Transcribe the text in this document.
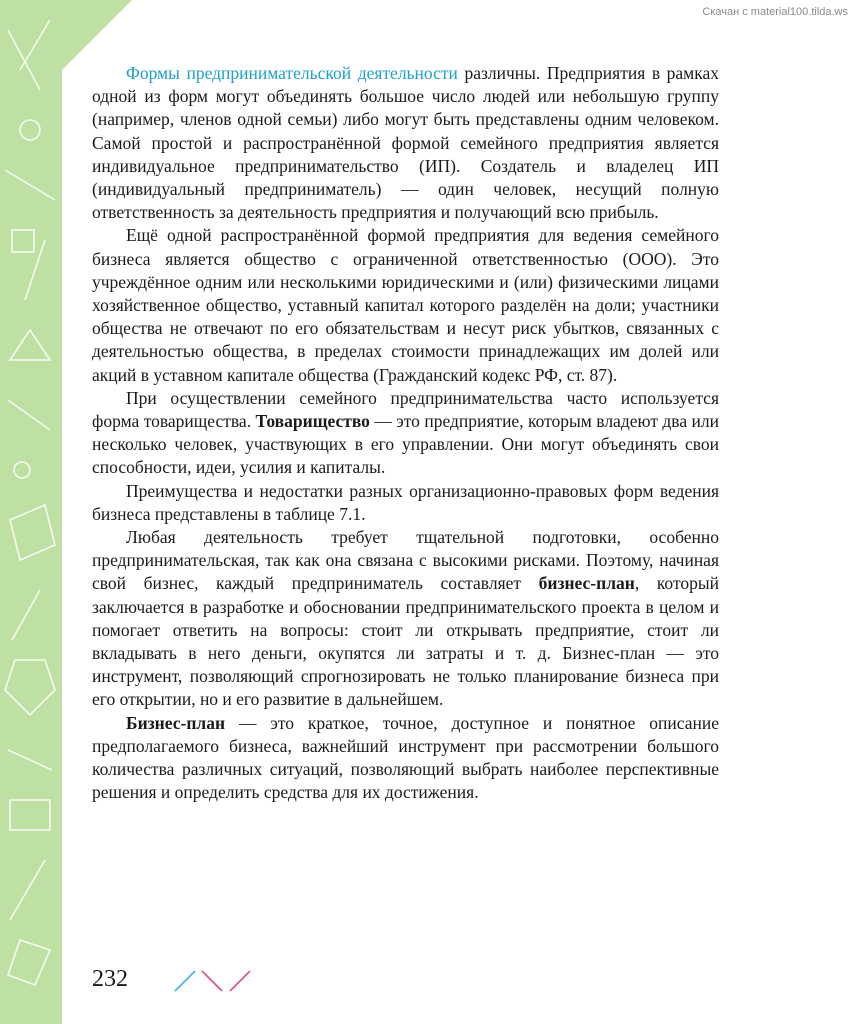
Скачан с material100.tilda.ws

Формы предпринимательской деятельности различны. Предприятия в рамках одной из форм могут объединять большое число людей или небольшую группу (например, членов одной семьи) либо могут быть представлены одним человеком. Самой простой и распространённой формой семейного предприятия является индивидуальное предпринимательство (ИП). Создатель и владелец ИП (индивидуальный предприниматель) — один человек, несущий полную ответственность за деятельность предприятия и получающий всю прибыль.

Ещё одной распространённой формой предприятия для ведения семейного бизнеса является общество с ограниченной ответственностью (ООО). Это учреждённое одним или несколькими юридическими и (или) физическими лицами хозяйственное общество, уставный капитал которого разделён на доли; участники общества не отвечают по его обязательствам и несут риск убытков, связанных с деятельностью общества, в пределах стоимости принадлежащих им долей или акций в уставном капитале общества (Гражданский кодекс РФ, ст. 87).

При осуществлении семейного предпринимательства часто используется форма товарищества. Товарищество — это предприятие, которым владеют два или несколько человек, участвующих в его управлении. Они могут объединять свои способности, идеи, усилия и капиталы.

Преимущества и недостатки разных организационно-правовых форм ведения бизнеса представлены в таблице 7.1.

Любая деятельность требует тщательной подготовки, особенно предпринимательская, так как она связана с высокими рисками. Поэтому, начиная свой бизнес, каждый предприниматель составляет бизнес-план, который заключается в разработке и обосновании предпринимательского проекта в целом и помогает ответить на вопросы: стоит ли открывать предприятие, стоит ли вкладывать в него деньги, окупятся ли затраты и т. д. Бизнес-план — это инструмент, позволяющий спрогнозировать не только планирование бизнеса при его открытии, но и его развитие в дальнейшем.

Бизнес-план — это краткое, точное, доступное и понятное описание предполагаемого бизнеса, важнейший инструмент при рассмотрении большого количества различных ситуаций, позволяющий выбрать наиболее перспективные решения и определить средства для их достижения.

232
